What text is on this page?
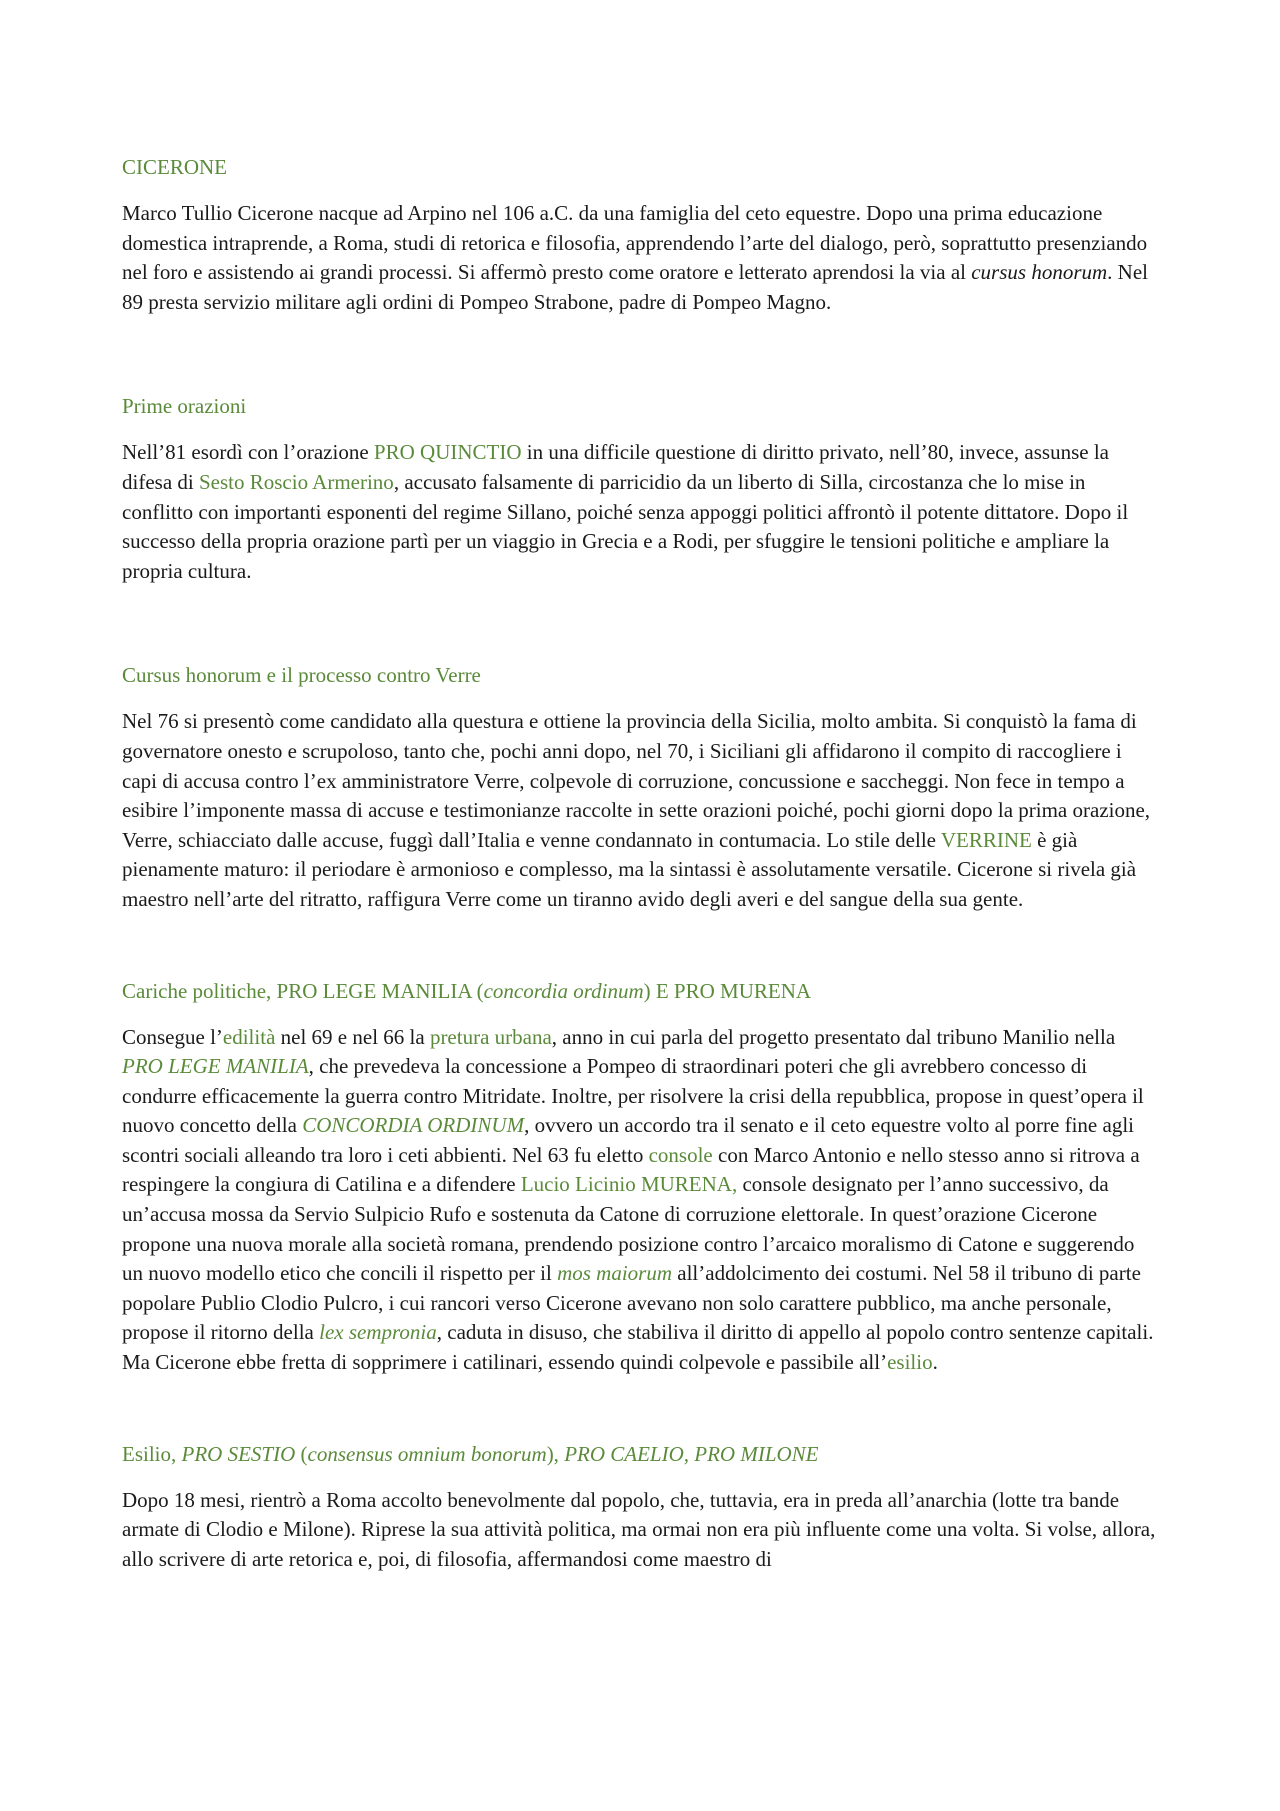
CICERONE

Marco Tullio Cicerone nacque ad Arpino nel 106 a.C. da una famiglia del ceto equestre. Dopo una prima educazione domestica intraprende, a Roma, studi di retorica e filosofia, apprendendo l’arte del dialogo, però, soprattutto presenziando nel foro e assistendo ai grandi processi. Si affermò presto come oratore e letterato aprendosi la via al cursus honorum. Nel 89 presta servizio militare agli ordini di Pompeo Strabone, padre di Pompeo Magno.

Prime orazioni

Nell’81 esordì con l’orazione PRO QUINCTIO in una difficile questione di diritto privato, nell’80, invece, assunse la difesa di Sesto Roscio Armerino, accusato falsamente di parricidio da un liberto di Silla, circostanza che lo mise in conflitto con importanti esponenti del regime Sillano, poiché senza appoggi politici affrontò il potente dittatore. Dopo il successo della propria orazione partì per un viaggio in Grecia e a Rodi, per sfuggire le tensioni politiche e ampliare la propria cultura.

Cursus honorum e il processo contro Verre

Nel 76 si presentò come candidato alla questura e ottiene la provincia della Sicilia, molto ambita. Si conquistò la fama di governatore onesto e scrupoloso, tanto che, pochi anni dopo, nel 70, i Siciliani gli affidarono il compito di raccogliere i capi di accusa contro l’ex amministratore Verre, colpevole di corruzione, concussione e saccheggi. Non fece in tempo a esibire l’imponente massa di accuse e testimonianze raccolte in sette orazioni poiché, pochi giorni dopo la prima orazione, Verre, schiacciato dalle accuse, fuggì dall’Italia e venne condannato in contumacia. Lo stile delle VERRINE è già pienamente maturo: il periodare è armonioso e complesso, ma la sintassi è assolutamente versatile. Cicerone si rivela già maestro nell’arte del ritratto, raffigura Verre come un tiranno avido degli averi e del sangue della sua gente.

Cariche politiche, PRO LEGE MANILIA (concordia ordinum) E PRO MURENA

Consegue l’edilità nel 69 e nel 66 la pretura urbana, anno in cui parla del progetto presentato dal tribuno Manilio nella PRO LEGE MANILIA, che prevedeva la concessione a Pompeo di straordinari poteri che gli avrebbero concesso di condurre efficacemente la guerra contro Mitridate. Inoltre, per risolvere la crisi della repubblica, propose in quest’opera il nuovo concetto della CONCORDIA ORDINUM, ovvero un accordo tra il senato e il ceto equestre volto al porre fine agli scontri sociali alleando tra loro i ceti abbienti. Nel 63 fu eletto console con Marco Antonio e nello stesso anno si ritrova a respingere la congiura di Catilina e a difendere Lucio Licinio MURENA, console designato per l’anno successivo, da un’accusa mossa da Servio Sulpicio Rufo e sostenuta da Catone di corruzione elettorale. In quest’orazione Cicerone propone una nuova morale alla società romana, prendendo posizione contro l’arcaico moralismo di Catone e suggerendo un nuovo modello etico che concili il rispetto per il mos maiorum all’addolcimento dei costumi. Nel 58 il tribuno di parte popolare Publio Clodio Pulcro, i cui rancori verso Cicerone avevano non solo carattere pubblico, ma anche personale, propose il ritorno della lex sempronia, caduta in disuso, che stabiliva il diritto di appello al popolo contro sentenze capitali. Ma Cicerone ebbe fretta di sopprimere i catilinari, essendo quindi colpevole e passibile all’esilio.

Esilio, PRO SESTIO (consensus omnium bonorum), PRO CAELIO, PRO MILONE

Dopo 18 mesi, rientrò a Roma accolto benevolmente dal popolo, che, tuttavia, era in preda all’anarchia (lotte tra bande armate di Clodio e Milone). Riprese la sua attività politica, ma ormai non era più influente come una volta. Si volse, allora, allo scrivere di arte retorica e, poi, di filosofia, affermandosi come maestro di
